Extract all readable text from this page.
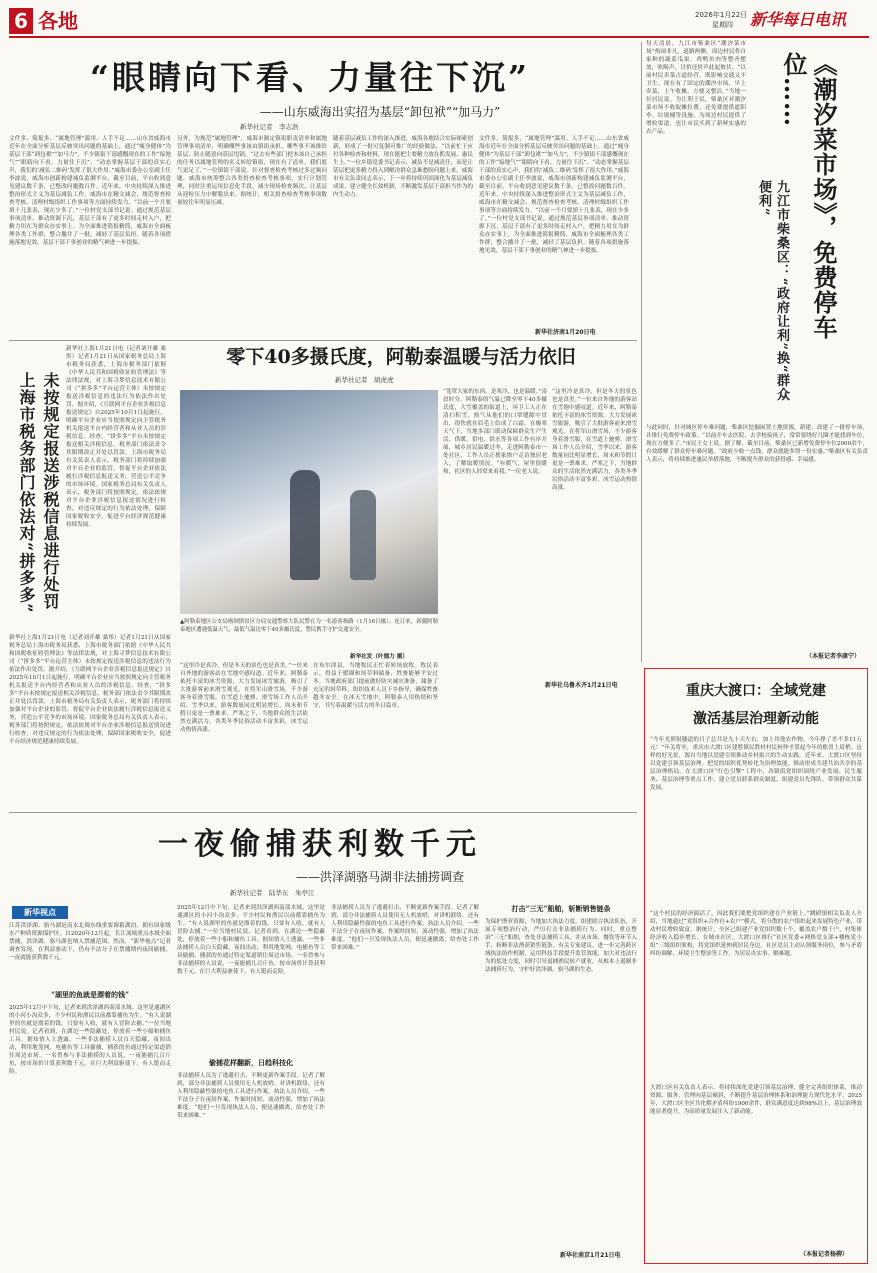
6 各地	2026年1月22日
星期四 新华每日电讯
“眼睛向下看、力量往下沉”
——山东威海出实招为基层“卸包袱”“加马力”
新华社记者　李志浩
文件多、简报多、“属地管理”滥用、人手不足……山东省威海市近年在全面分析基层反映突出问题的基础上，通过“瘦身健体”为基层干部“卸包袱”“加马力”，不少镇街干部感慨现在的工作“接地气”“眼睛向下看、力量往下沉”。“动态掌握基层干部的真实心声，我们的‘减负二维码’发挥了很大作用。”威海市委办公室副主任李波说，威海市创新构建减负监测平台，截至目前，平台收到意见建议数千条，已整改问题数百件。近年来，中央持续深入推进整治形式主义为基层减负工作，威海市在精文减会、规范督查检查考核、清理村级组织工作事项等方面持续发力。“以前一个月要填十几张表，现在少多了。”一位村党支部书记说。通过规范基层事项清单、推动资源下沉，基层干部有了更多时间走村入户，把精力用在为群众办实事上。为全面推进简报精简，威海市全面梳理各类工作群，整合撤并了一批，减轻了基层负担。随着各项措施落地见效，基层干部干事创业的精气神进一步提振。
另外，为规范“属地管理”，威海市制定镇街职责清单和属地管理事项清单，明确哪些事该由镇街承担、哪些事不该推给基层，防止随意向基层甩锅。“过去有些部门把本该自己承担的任务以属地管理的名义转给镇街，现在有了清单，我们底气更足了。”一位镇街干部说。针对督查检查考核过多过频问题，威海市统筹整合各类督查检查考核事项，实行计划管理，同时注重运用信息化手段，减少现场检查频次，让基层从迎检压力中解脱出来。据统计，相关督查检查考核事项数量较往年明显压减。
随着基层减负工作的深入推进，威海各地结合实际探索创新，形成了一批可复制可推广的经验做法。“以前忙于应付各种检查和材料，现在能把主要精力放在抓发展、惠民生上。”一位乡镇党委书记表示，减负不是减责任，而是让基层把更多精力投入到解决群众急难愁盼问题上来。威海市有关负责同志表示，下一步将持续巩固深化为基层减负成果，建立健全长效机制，不断激发基层干部担当作为的内生动力。
文件多、简报多、“属地管理”滥用、人手不足……山东省威海市近年在全面分析基层反映突出问题的基础上，通过“瘦身健体”为基层干部“卸包袱”“加马力”，不少镇街干部感慨现在的工作“接地气”“眼睛向下看、力量往下沉”。“动态掌握基层干部的真实心声，我们的‘减负二维码’发挥了很大作用。”威海市委办公室副主任李波说，威海市创新构建减负监测平台，截至目前，平台收到意见建议数千条，已整改问题数百件。近年来，中央持续深入推进整治形式主义为基层减负工作，威海市在精文减会、规范督查检查考核、清理村级组织工作事项等方面持续发力。“以前一个月要填十几张表，现在少多了。”一位村党支部书记说。通过规范基层事项清单、推动资源下沉，基层干部有了更多时间走村入户，把精力用在为群众办实事上。为全面推进简报精简，威海市全面梳理各类工作群，整合撤并了一批，减轻了基层负担。随着各项措施落地见效，基层干部干事创业的精气神进一步提振。
新华社济南1月20日电
上海市税务部门依法对“拼多多” 未按规定报送涉税信息进行处罚
新华社上海1月21日电（记者刘开雄 桑彤）记者1月21日从国家税务总局上海市税务局获悉，上海市税务部门依据《中华人民共和国税收征收管理法》等法律法规，对上海寻梦信息技术有限公司（“拼多多”平台运营主体）未按规定报送涉税信息的违法行为依法作出处罚。据介绍，《互联网平台企业涉税信息报送规定》自2025年10月1日起施行，明确平台企业应当按照规定向主管税务机关报送平台内经营者和从业人员的涉税信息。经查，“拼多多”平台未按规定报送相关涉税信息，税务部门依法责令其限期改正并处以罚款。上海市税务局有关负责人表示，税务部门将持续加强对平台企业的监管，督促平台企业依法履行涉税信息报送义务，营造公平竞争的市场环境。国家税务总局有关负责人表示，税务部门将按照规定，依法依规对平台企业涉税信息报送情况进行检查，对违反规定的行为依法处理，保障国家税收安全，促进平台经济规范健康持续发展。
新华社上海1月21日电（记者刘开雄 桑彤）记者1月21日从国家税务总局上海市税务局获悉，上海市税务部门依据《中华人民共和国税收征收管理法》等法律法规，对上海寻梦信息技术有限公司（“拼多多”平台运营主体）未按规定报送涉税信息的违法行为依法作出处罚。据介绍，《互联网平台企业涉税信息报送规定》自2025年10月1日起施行，明确平台企业应当按照规定向主管税务机关报送平台内经营者和从业人员的涉税信息。经查，“拼多多”平台未按规定报送相关涉税信息，税务部门依法责令其限期改正并处以罚款。上海市税务局有关负责人表示，税务部门将持续加强对平台企业的监管，督促平台企业依法履行涉税信息报送义务，营造公平竞争的市场环境。国家税务总局有关负责人表示，税务部门将按照规定，依法依规对平台企业涉税信息报送情况进行检查，对违反规定的行为依法处理，保障国家税收安全，促进平台经济规范健康持续发展。
零下40多摄氏度，阿勒泰温暖与活力依旧
新华社记者　胡虎虎
▲阿勒泰地区公安局喀纳斯景区分局交通警察大队民警在为一名游客指路（1月16日摄）。连日来，新疆阿勒泰地区遭遇低温天气，最低气温达零下40多摄氏度，警民携手守护交通安全。
新华社发（叶德力 摄）
“笼罩大家的东西，是寒冷，也是温暖。”凌晨时分，阿勒泰的气温已降至零下40多摄氏度，大雪覆盖的街道上，环卫工人正在清扫积雪，热气从他们的口罩缝隙中冒出，很快就在眉毛上结成了白霜。在极寒天气下，当地多部门联动保障群众生产生活，供暖、供电、供水等各项工作有序开展，城乡居民温暖过冬。走进阿勒泰市一处社区，工作人员正挨家挨户走访独居老人，了解取暖情况。“有暖气，屋里很暖和，社区的人经常来看我。”一位老人说。
“这里冷是真冷，但是冬天的景色也是真美。”一位来自外地的游客站在雪地中感叹道。近年来，阿勒泰依托丰富的冰雪资源，大力发展冰雪旅游，吸引了大批游客前来滑雪观光。在将军山滑雪场，不少游客身着滑雪服，在雪道上驰骋。滑雪场工作人员介绍，雪季以来，游客数量同比明显增长，周末和节假日更是一票难求。严寒之下，当地群众的生活依然充满活力，各类冬季民俗活动丰富多彩，冰雪运动热情高涨。
“这里冷是真冷，但是冬天的景色也是真美。”一位来自外地的游客站在雪地中感叹道。近年来，阿勒泰依托丰富的冰雪资源，大力发展冰雪旅游，吸引了大批游客前来滑雪观光。在将军山滑雪场，不少游客身着滑雪服，在雪道上驰骋。滑雪场工作人员介绍，雪季以来，游客数量同比明显增长，周末和节假日更是一票难求。严寒之下，当地群众的生活依然充满活力，各类冬季民俗活动丰富多彩，冰雪运动热情高涨。
在布尔津县，当地牧民正忙着转场放牧。牧民表示，得益于暖圈和饲草料储备，牲畜能够平安过冬。当地政府部门提前做好防灾减灾准备，储备了充足的饲草料，组织技术人员下乡指导，确保牲畜越冬安全。在冰天雪地中，阿勒泰人用热情和坚守，书写着温暖与活力的冬日篇章。
新华社乌鲁木齐1月21日电
每天清晨，九江市柴桑区“潮汐菜市场”热闹非凡，道路两侧，周边村民将自家种的蔬菜瓜果、鸡鸭鱼肉等整齐摆放，吆喝声、讨价还价声此起彼伏。“以前村民卖菜占道经营，既影响交通又不卫生。现在有了固定的潮汐市场，早上卖菜，上午收摊，方便又整洁。”当地一位居民说。为让利于民，柴桑区对潮汐菜市场不收取摊位费，还免费提供遮阳伞、垃圾桶等设施，为周边村民提供了增收渠道，也让市民买到了新鲜实惠的农产品。	《潮汐菜市场》，免费停车位……
九江市柴桑区：“政府让利”换“群众便利”
与此同时，针对城区停车难问题，柴桑区挖掘闲置土地资源，新建、改建了一批停车场，并推行免费停车政策。“以前开车去医院、去学校接孩子，常常要绕好几圈才能找到车位，现在方便多了。”市民王女士说。据了解，截至目前，柴桑区已新增免费停车位2000余个，有效缓解了群众停车难问题。“政府少收一点钱，群众就能多得一份实惠。”柴桑区有关负责人表示，将持续推进惠民举措落地，不断提升群众的获得感、幸福感。
（本报记者李康宁）
重庆大渡口：全域党建
激活基层治理新动能
“今年光照射隧道的日子总共是九十天左右，加上其他农作物，今年挣了差不多11万元！”年关将至，重庆市大渡口区建胜镇民胜村村民何仲才算起今年的账喜上眉梢。这样的好光景，源自当地以党建引领推动乡村振兴的生动实践。近年来，大渡口区坚持以党建引领基层治理，把党的组织优势转化为治理效能，推动形成共建共治共享的基层治理格局。在大渡口区“红色引擎”工程中，各镇街党组织围绕产业发展、民生服务、基层治理等重点工作，建立党员联系群众制度，组建党员先锋队，带领群众共谋发展。
“这个村民的经济搞活了，因此我们要把党组织建在产业链上。”跳磴镇相关负责人介绍，当地通过“党组织+合作社+农户”模式，将分散的农户组织起来发展特色产业，带动村民增收致富。据统计，全区已组建产业党组织数十个，覆盖农户数千户，村集体经济收入稳步增长。在城市社区，大渡口区推行“社区党委+网格党支部+楼栋党小组”三级组织架构，将党组织延伸到居民身边。社区党员主动认领服务岗位，参与矛盾纠纷调解、环境卫生整治等工作，为居民办实事、解难题。
大渡口区有关负责人表示，将持续深化党建引领基层治理，健全完善组织体系，推动资源、服务、管理向基层倾斜，不断提升基层治理体系和治理能力现代化水平。2025年，大渡口区全区共化解矛盾纠纷1900余件，群众满意度达到98%以上，基层治理效能显著提升，为高质量发展注入了新动能。
（本报记者杨柳）
一夜偷捕获利数千元
——洪泽湖骆马湖非法捕捞调查
新华社记者　陆华东　朱亭江
新华视点
江苏洪泽湖、骆马湖是南水北调东线重要调蓄湖泊，拥有国家级水产种质资源保护区。自2020年12月起，长江流域重点水域全面禁捕，洪泽湖、骆马湖也纳入禁捕范围。然而，“新华视点”记者调查发现，在利益驱动下，仍有不法分子在禁捕期内夜间偷捕，一夜就能获利数千元。
“湖里的鱼就是漂着的钱”
2025年12月中下旬，记者来到洪泽湖西南部水域。这里是通湖区的小河小沟众多，不少村民和渔民以前都靠捕鱼为生。“有人说湖里的鱼就是漂着的钱，只要有人收，就有人冒险去捕。”一位当地村民说。记者看到，在湖边一些隐蔽处，停放着一些小船和捕鱼工具。据知情人士透露，一些非法捕捞人员白天隐藏，夜间出动，利用地笼网、电捕鱼等工具偷捕，捕获的鱼通过特定渠道销往周边市场。一名曾参与非法捕捞的人员说，一夜能捕几百斤鱼，按市场价计算获利数千元。在巨大利益驱使下，有人铤而走险。
2025年12月中下旬，记者来到洪泽湖西南部水域。这里是通湖区的小河小沟众多，不少村民和渔民以前都靠捕鱼为生。“有人说湖里的鱼就是漂着的钱，只要有人收，就有人冒险去捕。”一位当地村民说。记者看到，在湖边一些隐蔽处，停放着一些小船和捕鱼工具。据知情人士透露，一些非法捕捞人员白天隐藏，夜间出动，利用地笼网、电捕鱼等工具偷捕，捕获的鱼通过特定渠道销往周边市场。一名曾参与非法捕捞的人员说，一夜能捕几百斤鱼，按市场价计算获利数千元。在巨大利益驱使下，有人铤而走险。
偷捕花样翻新，日趋科技化
非法捕捞人员为了逃避打击，不断更新作案手段。记者了解到，部分非法捕捞人员使用无人机放哨、对讲机联络，还有人利用隐蔽性强的电鱼工具进行作案。执法人员介绍，一些不法分子在夜间作案，作案时间短、流动性强，增加了执法难度。“他们一旦发现执法人员，便迅速撤离，给查处工作带来困难。”
非法捕捞人员为了逃避打击，不断更新作案手段。记者了解到，部分非法捕捞人员使用无人机放哨、对讲机联络，还有人利用隐蔽性强的电鱼工具进行作案。执法人员介绍，一些不法分子在夜间作案，作案时间短、流动性强，增加了执法难度。“他们一旦发现执法人员，便迅速撤离，给查处工作带来困难。”
打击“三无”船舶，斩断销售链条
为保护渔业资源，当地加大执法力度，组建联合执法队伍，开展专项整治行动，严厉打击非法捕捞行为。同时，重点整治“三无”船舶，查处非法捕捞工具，并从市场、餐饮等环节入手，斩断非法渔获销售链条。有关专家建议，进一步完善跨区域执法协作机制，运用科技手段提升监管效能，加大对违法行为的惩处力度，同时引导退捕渔民转产就业，从根本上遏制非法捕捞行为，守护好洪泽湖、骆马湖的生态。
新华社南京1月21日电
